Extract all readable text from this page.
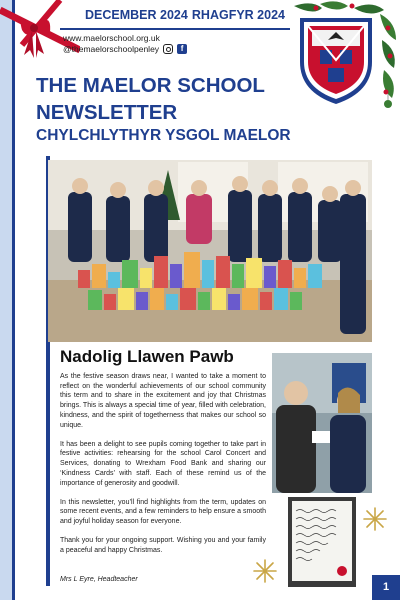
DECEMBER 2024 RHAGFYR 2024
www.maelorschool.org.uk
@themaelorschoolpenley	f
THE MAELOR SCHOOL
NEWSLETTER
CHYLCHLYTHYR YSGOL MAELOR
Nadolig Llawen Pawb

As the festive season draws near, I wanted to take a moment to reflect on the wonderful achievements of our school community this term and to share in the excitement and joy that Christmas brings. This is always a special time of year, filled with celebration, kindness, and the spirit of togetherness that makes our school so unique.

It has been a delight to see pupils coming together to take part in festive activities: rehearsing for the school Carol Concert and Services, donating to Wrexham Food Bank and sharing our ‘Kindness Cards’ with staff. Each of these remind us of the importance of generosity and goodwill.

In this newsletter, you’ll find highlights from the term, updates on some recent events, and a few reminders to help ensure a smooth and joyful holiday season for everyone.

Thank you for your ongoing support. Wishing you and your family a peaceful and happy Christmas.

Mrs L Eyre, Headteacher
1
